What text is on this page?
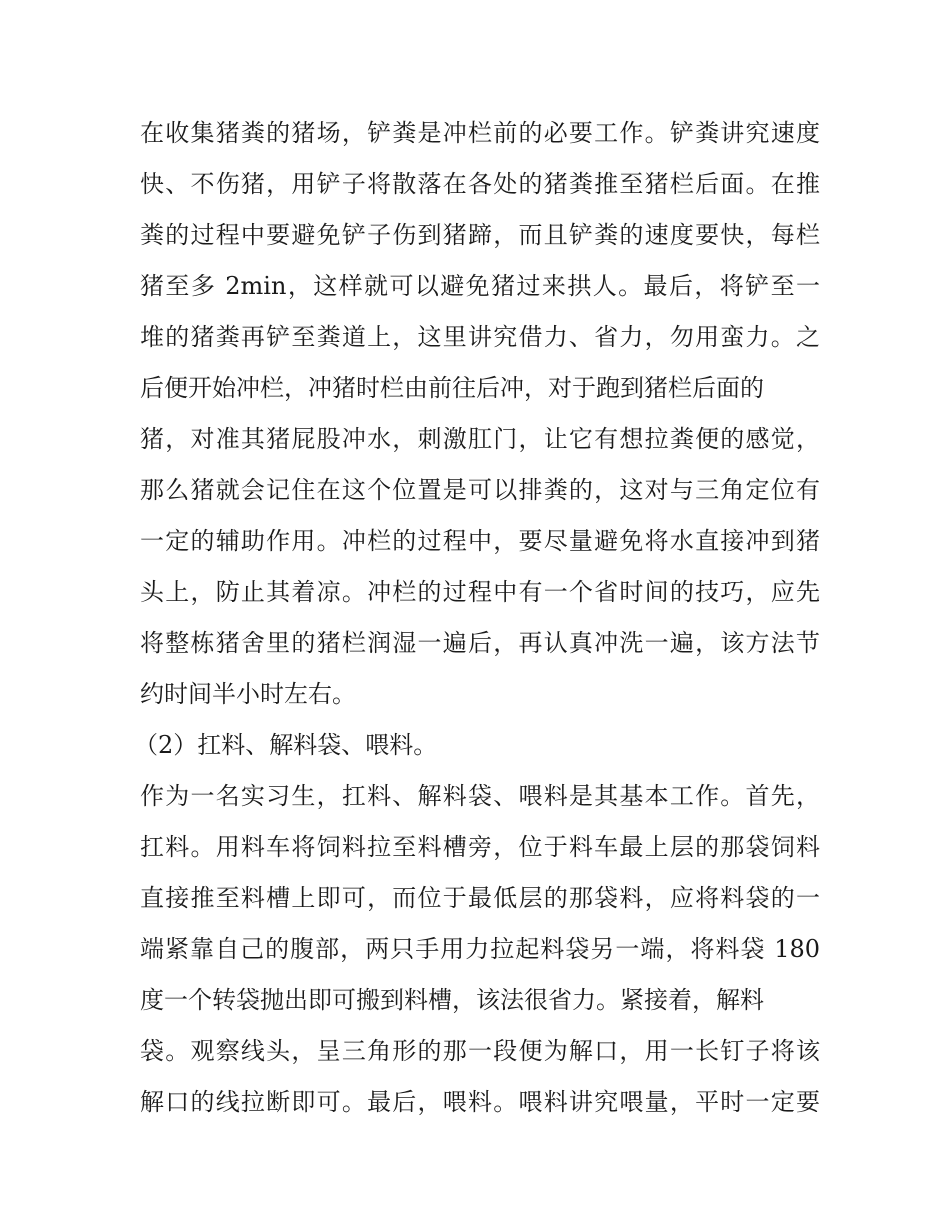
在收集猪粪的猪场，铲粪是冲栏前的必要工作。铲粪讲究速度
快、不伤猪，用铲子将散落在各处的猪粪推至猪栏后面。在推
粪的过程中要避免铲子伤到猪蹄，而且铲粪的速度要快，每栏
猪至多 2min，这样就可以避免猪过来拱人。最后，将铲至一
堆的猪粪再铲至粪道上，这里讲究借力、省力，勿用蛮力。之
后便开始冲栏，冲猪时栏由前往后冲，对于跑到猪栏后面的
猪，对准其猪屁股冲水，刺激肛门，让它有想拉粪便的感觉，
那么猪就会记住在这个位置是可以排粪的，这对与三角定位有
一定的辅助作用。冲栏的过程中，要尽量避免将水直接冲到猪
头上，防止其着凉。冲栏的过程中有一个省时间的技巧，应先
将整栋猪舍里的猪栏润湿一遍后，再认真冲洗一遍，该方法节
约时间半小时左右。
（2）扛料、解料袋、喂料。
作为一名实习生，扛料、解料袋、喂料是其基本工作。首先，
扛料。用料车将饲料拉至料槽旁，位于料车最上层的那袋饲料
直接推至料槽上即可，而位于最低层的那袋料，应将料袋的一
端紧靠自己的腹部，两只手用力拉起料袋另一端，将料袋 180
度一个转袋抛出即可搬到料槽，该法很省力。紧接着，解料
袋。观察线头，呈三角形的那一段便为解口，用一长钉子将该
解口的线拉断即可。最后，喂料。喂料讲究喂量，平时一定要
